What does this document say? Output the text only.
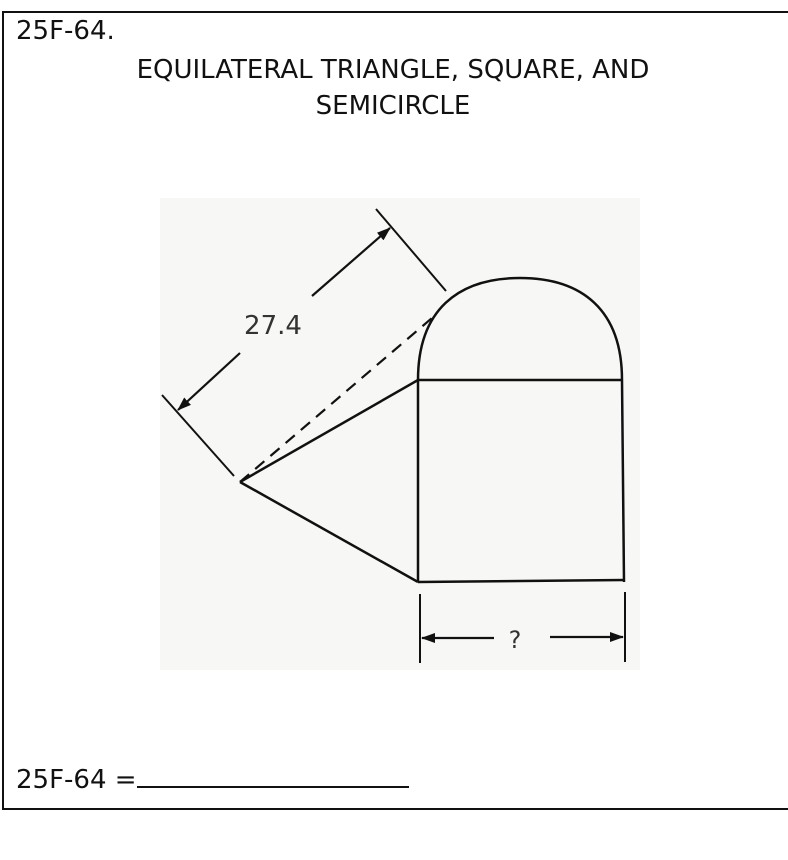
25F-64.
EQUILATERAL TRIANGLE, SQUARE, AND
SEMICIRCLE
27.4
?
25F-64 =
